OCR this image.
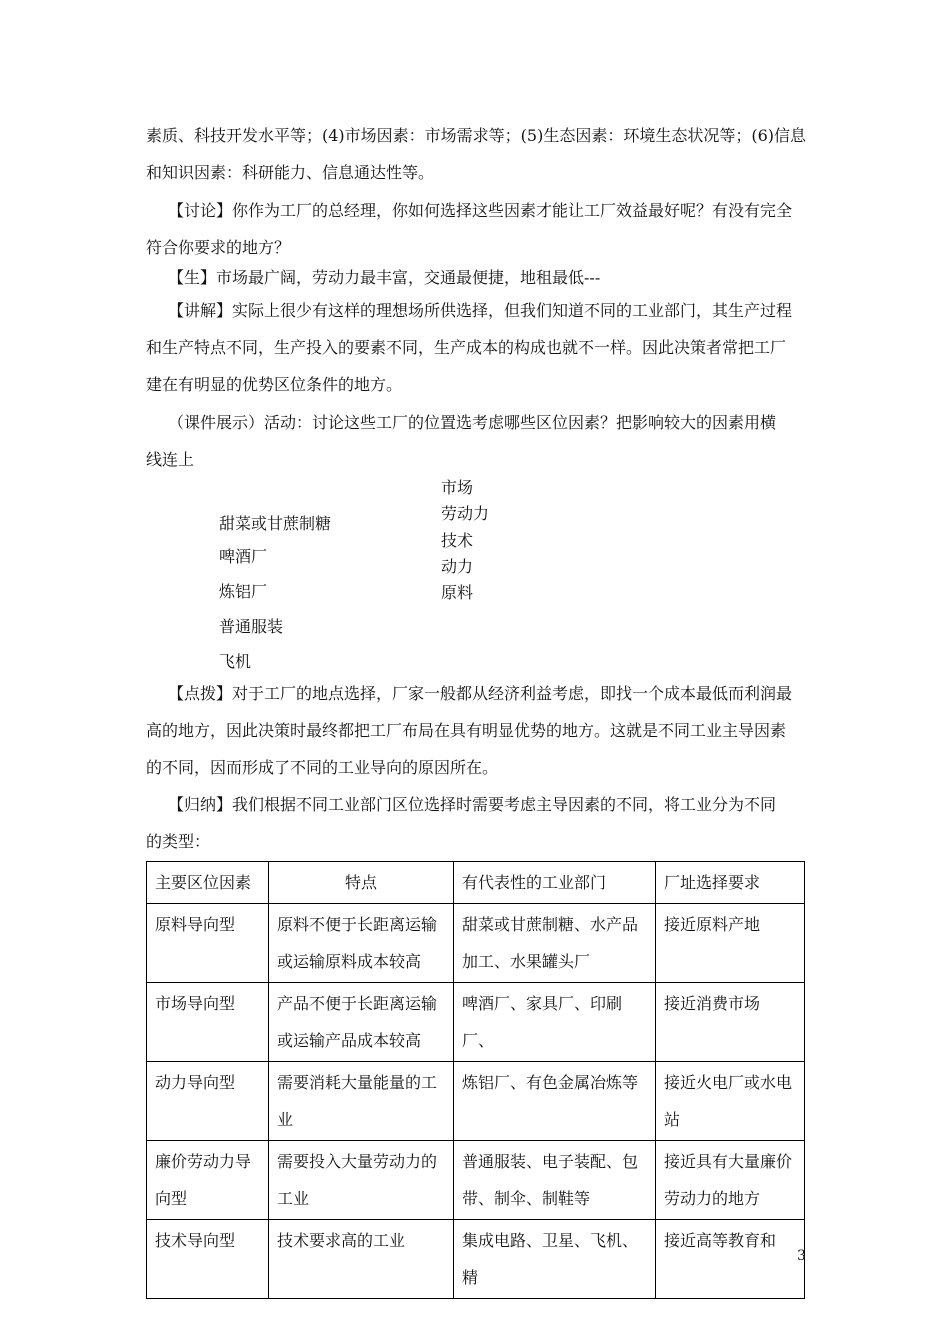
素质、科技开发水平等；(4)市场因素：市场需求等；(5)生态因素：环境生态状况等；(6)信息
和知识因素：科研能力、信息通达性等。
【讨论】你作为工厂的总经理，你如何选择这些因素才能让工厂效益最好呢？有没有完全
符合你要求的地方？
【生】市场最广阔，劳动力最丰富，交通最便捷，地租最低---
【讲解】实际上很少有这样的理想场所供选择，但我们知道不同的工业部门，其生产过程
和生产特点不同，生产投入的要素不同，生产成本的构成也就不一样。因此决策者常把工厂
建在有明显的优势区位条件的地方。
（课件展示）活动：讨论这些工厂的位置选考虑哪些区位因素？把影响较大的因素用横
线连上
市场
劳动力
技术
动力
原料
甜菜或甘蔗制糖
啤酒厂
炼铝厂
普通服装
飞机
【点拨】对于工厂的地点选择，厂家一般都从经济利益考虑，即找一个成本最低而利润最
高的地方，因此决策时最终都把工厂布局在具有明显优势的地方。这就是不同工业主导因素
的不同，因而形成了不同的工业导向的原因所在。
【归纳】我们根据不同工业部门区位选择时需要考虑主导因素的不同，将工业分为不同
的类型：
主要区位因素	特点	有代表性的工业部门	厂址选择要求
原料导向型	原料不便于长距离运输或运输原料成本较高	甜菜或甘蔗制糖、水产品加工、水果罐头厂	接近原料产地
市场导向型	产品不便于长距离运输或运输产品成本较高	啤酒厂、家具厂、印刷厂、	接近消费市场
动力导向型	需要消耗大量能量的工业	炼铝厂、有色金属冶炼等	接近火电厂或水电站
廉价劳动力导向型	需要投入大量劳动力的工业	普通服装、电子装配、包带、制伞、制鞋等	接近具有大量廉价劳动力的地方
技术导向型	技术要求高的工业	集成电路、卫星、飞机、精	接近高等教育和
3
